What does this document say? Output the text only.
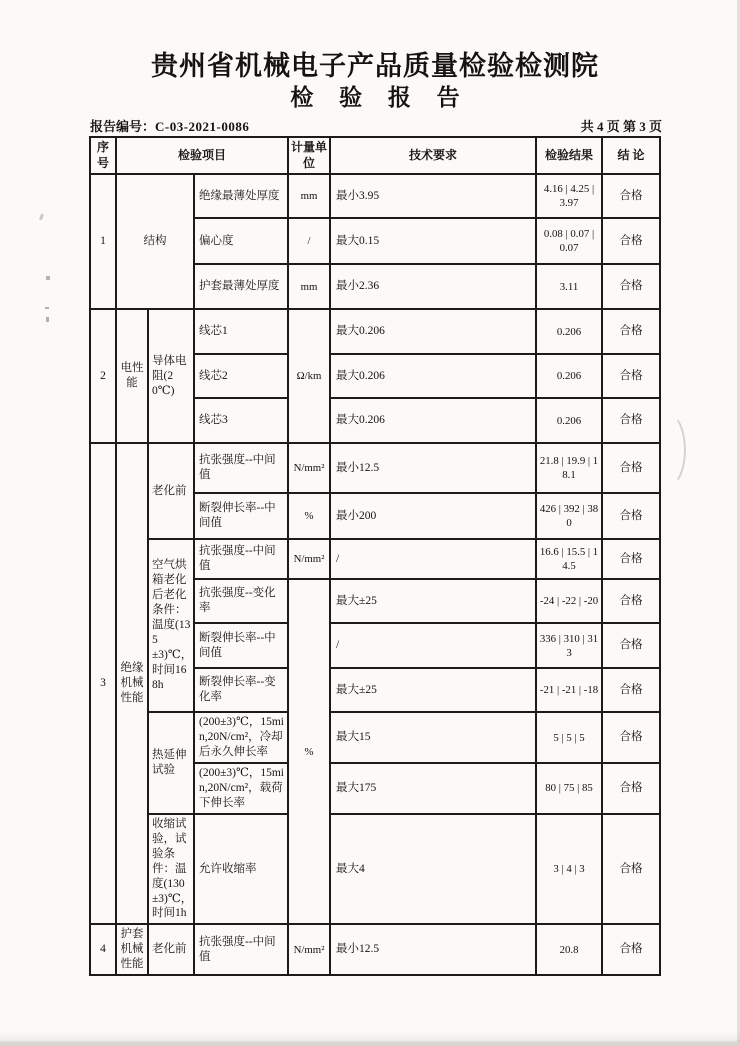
贵州省机械电子产品质量检验检测院
检 验 报 告
报告编号： C-03-2021-0086	共 4 页 第 3 页
序号	检验项目			计量单位	技术要求	检验结果	结 论
1	结构		绝缘最薄处厚度	mm	最小3.95	4.16 | 4.25 | 3.97	合格
			偏心度	/	最大0.15	0.08 | 0.07 | 0.07	合格
			护套最薄处厚度	mm	最小2.36	3.11	合格
2	电性能	导体电阻(20℃)	线芯1	Ω/km	最大0.206	0.206	合格
			线芯2		最大0.206	0.206	合格
			线芯3		最大0.206	0.206	合格
3	绝缘机械性能	老化前	抗张强度--中间值	N/mm²	最小12.5	21.8 | 19.9 | 18.1	合格
			断裂伸长率--中间值	%	最小200	426 | 392 | 380	合格
		空气烘箱老化后老化条件：温度(135±3)℃，时间168h	抗张强度--中间值	N/mm²	/	16.6 | 15.5 | 14.5	合格
			抗张强度--变化率	%	最大±25	-24 | -22 | -20	合格
			断裂伸长率--中间值		/	336 | 310 | 313	合格
			断裂伸长率--变化率		最大±25	-21 | -21 | -18	合格
		热延伸试验	(200±3)℃，15min,20N/cm²，冷却后永久伸长率		最大15	5 | 5 | 5	合格
			(200±3)℃，15min,20N/cm²，载荷下伸长率		最大175	80 | 75 | 85	合格
		收缩试验，试验条件：温度(130±3)℃，时间1h	允许收缩率		最大4	3 | 4 | 3	合格
4	护套机械性能	老化前	抗张强度--中间值	N/mm²	最小12.5	20.8	合格
